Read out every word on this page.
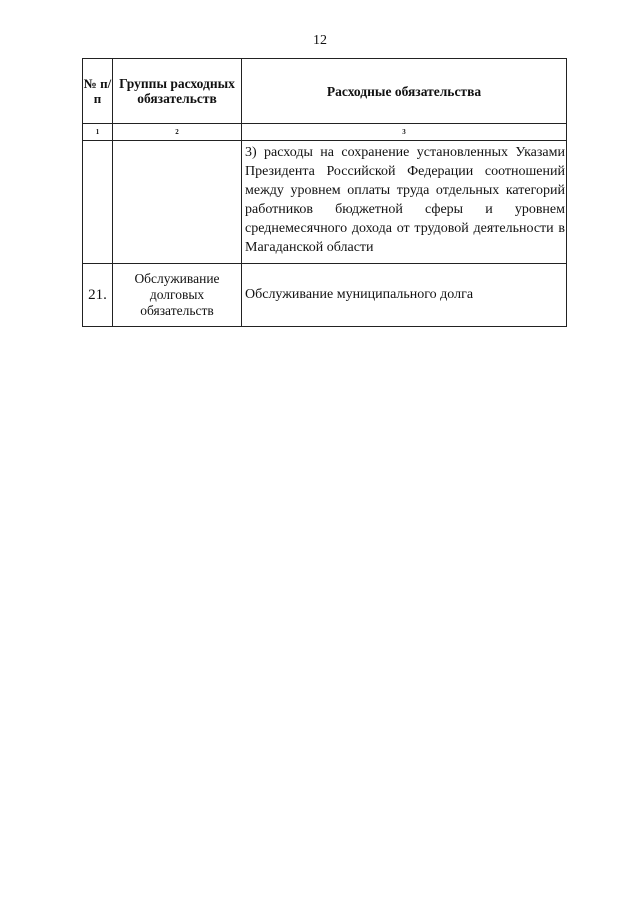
12
№ п/п	Группы расходных обязательств	Расходные обязательства
1	2	3
		3) расходы на сохранение установленных Указами Президента Российской Федерации соотношений между уровнем оплаты труда отдельных категорий работников бюджетной сферы и уровнем среднемесячного дохода от трудовой деятельности в Магаданской области
21.	Обслуживание долговых обязательств	Обслуживание муниципального долга
